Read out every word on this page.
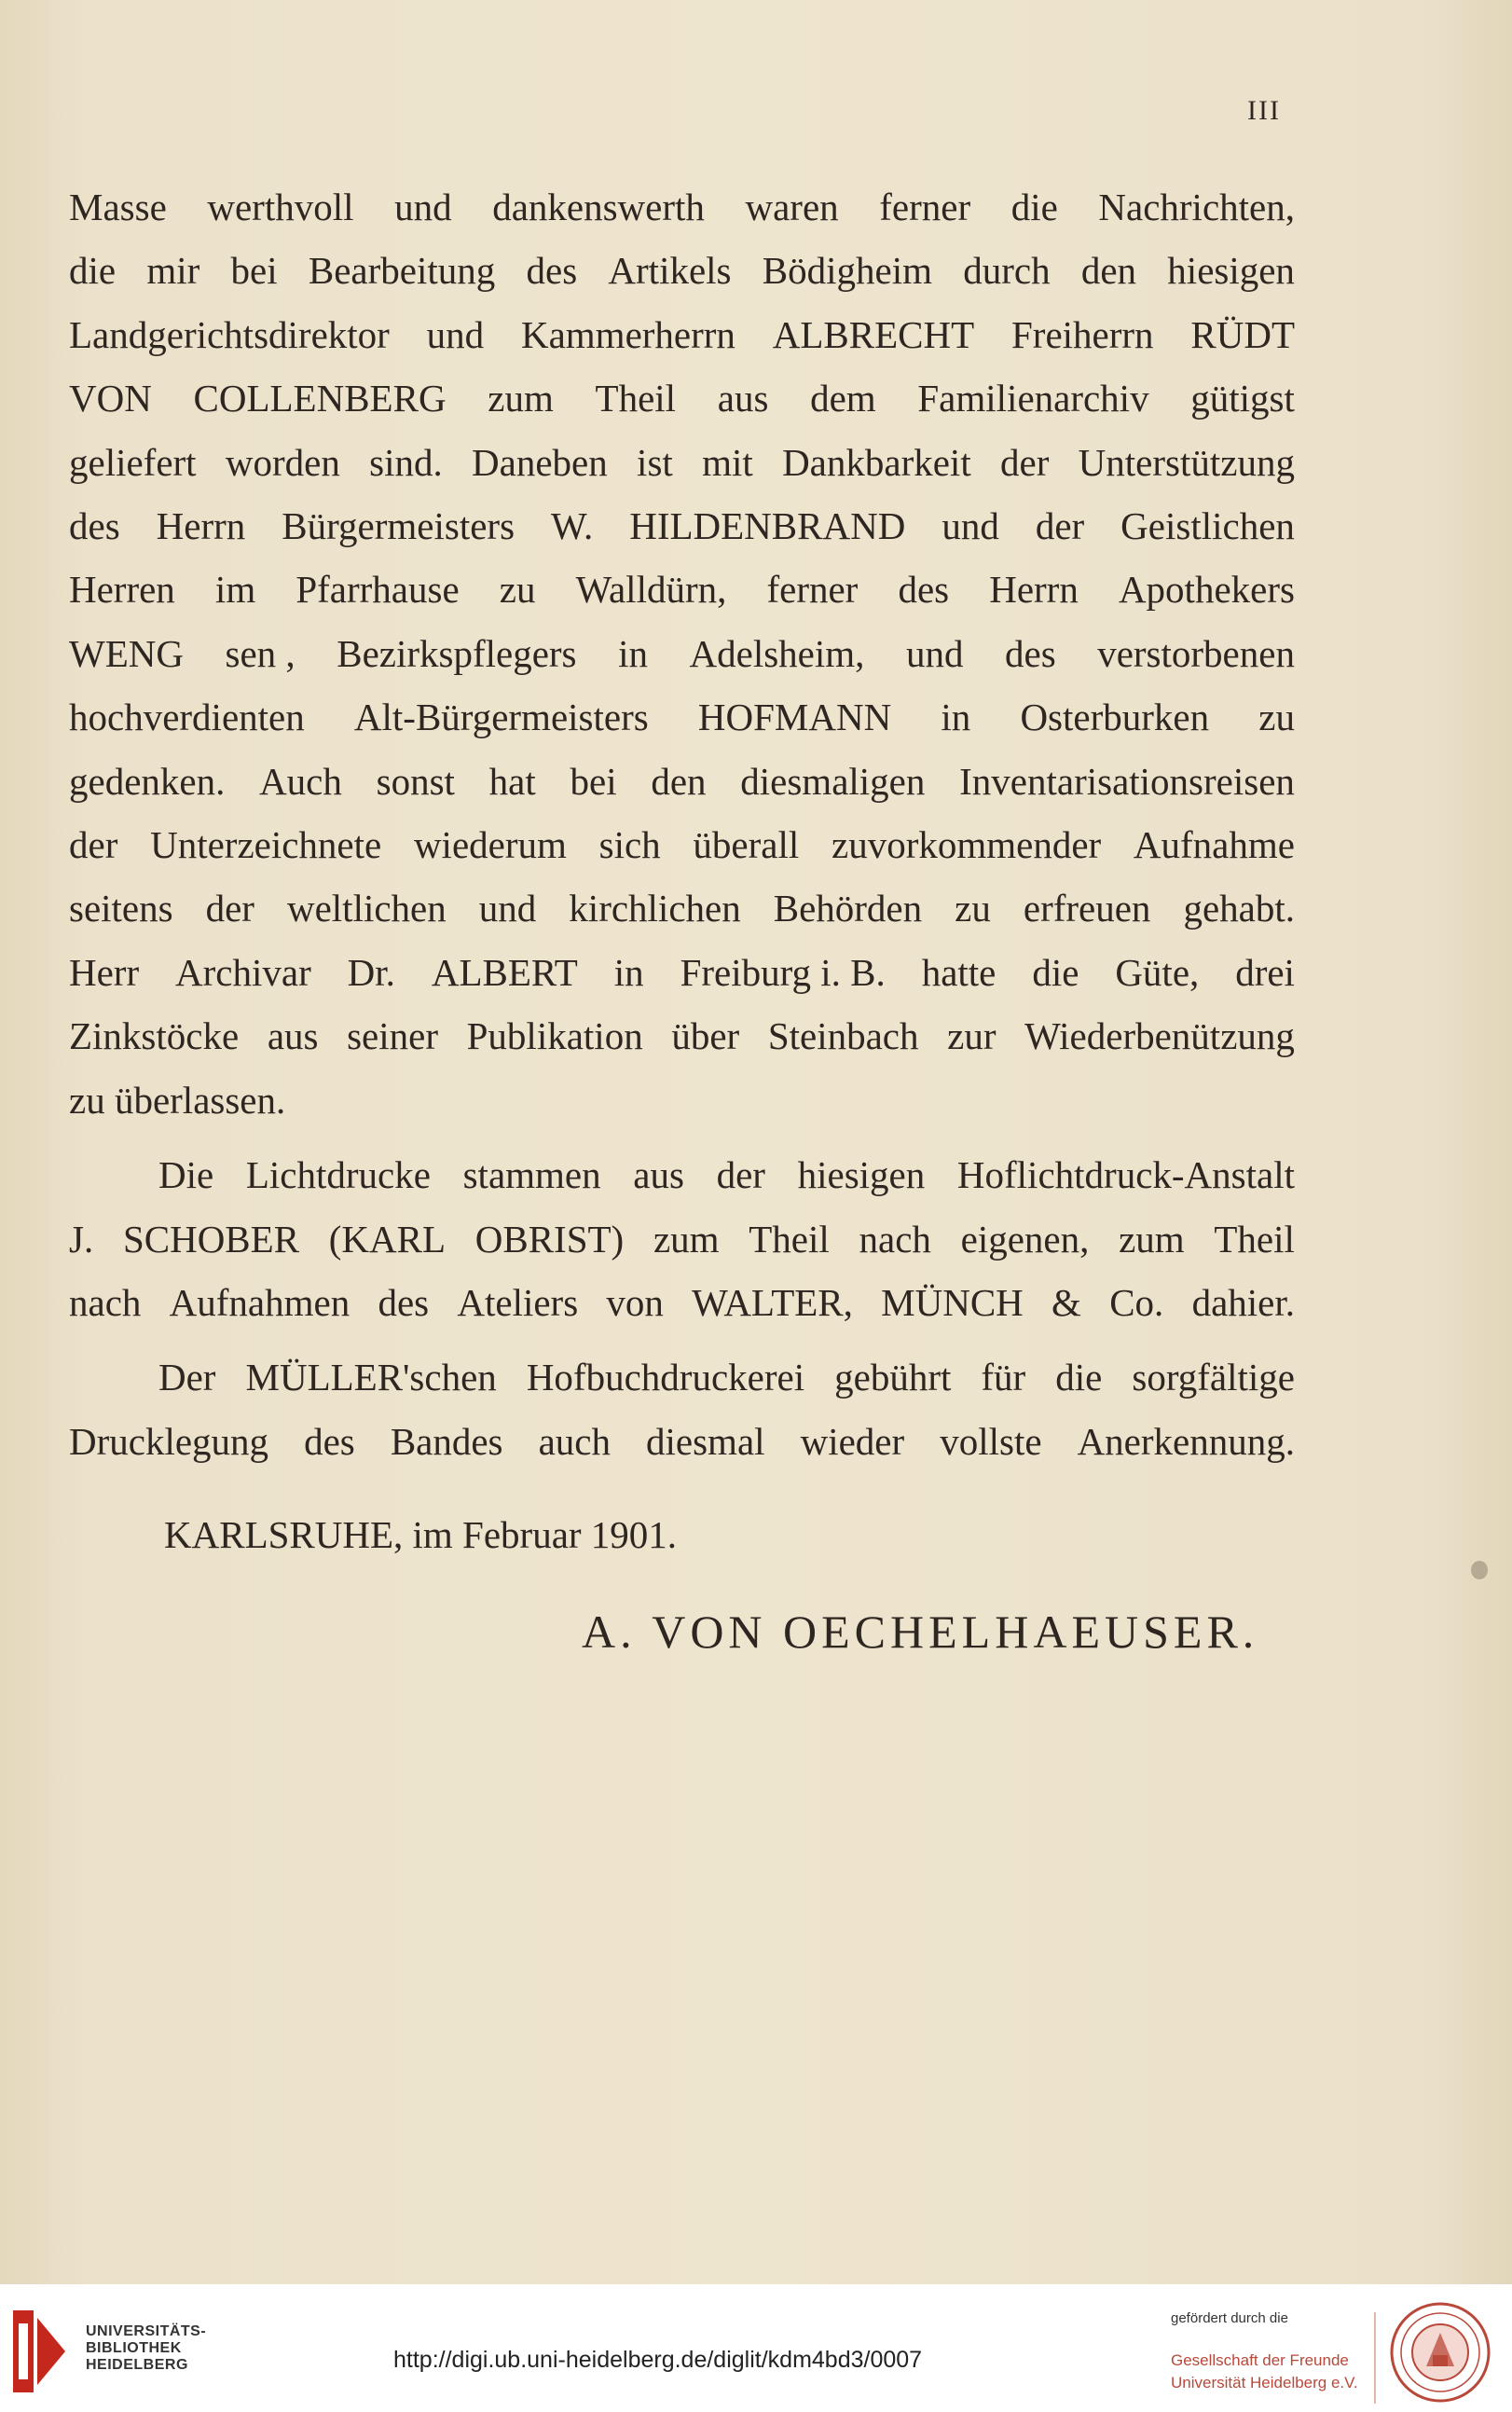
III
Masse werthvoll und dankenswerth waren ferner die Nachrichten,
die mir bei Bearbeitung des Artikels Bödigheim durch den hiesigen
Landgerichtsdirektor und Kammerherrn ALBRECHT Freiherrn RÜDT
VON COLLENBERG zum Theil aus dem Familienarchiv gütigst
geliefert worden sind. Daneben ist mit Dankbarkeit der Unterstützung
des Herrn Bürgermeisters W. HILDENBRAND und der Geistlichen
Herren im Pfarrhause zu Walldürn, ferner des Herrn Apothekers
WENG sen , Bezirkspflegers in Adelsheim, und des verstorbenen
hochverdienten Alt-Bürgermeisters HOFMANN in Osterburken zu
gedenken. Auch sonst hat bei den diesmaligen Inventarisationsreisen
der Unterzeichnete wiederum sich überall zuvorkommender Aufnahme
seitens der weltlichen und kirchlichen Behörden zu erfreuen gehabt.
Herr Archivar Dr. ALBERT in Freiburg i. B. hatte die Güte, drei
Zinkstöcke aus seiner Publikation über Steinbach zur Wiederbenützung
zu überlassen.
Die Lichtdrucke stammen aus der hiesigen Hoflichtdruck-Anstalt
J. SCHOBER (KARL OBRIST) zum Theil nach eigenen, zum Theil
nach Aufnahmen des Ateliers von WALTER, MÜNCH & Co. dahier.
Der MÜLLER'schen Hofbuchdruckerei gebührt für die sorgfältige
Drucklegung des Bandes auch diesmal wieder vollste Anerkennung.
KARLSRUHE, im Februar 1901.
A. VON OECHELHAEUSER.
UNIVERSITÄTS-
BIBLIOTHEK
HEIDELBERG	http://digi.ub.uni-heidelberg.de/diglit/kdm4bd3/0007
gefördert durch die
Gesellschaft der Freunde
Universität Heidelberg e.V.
